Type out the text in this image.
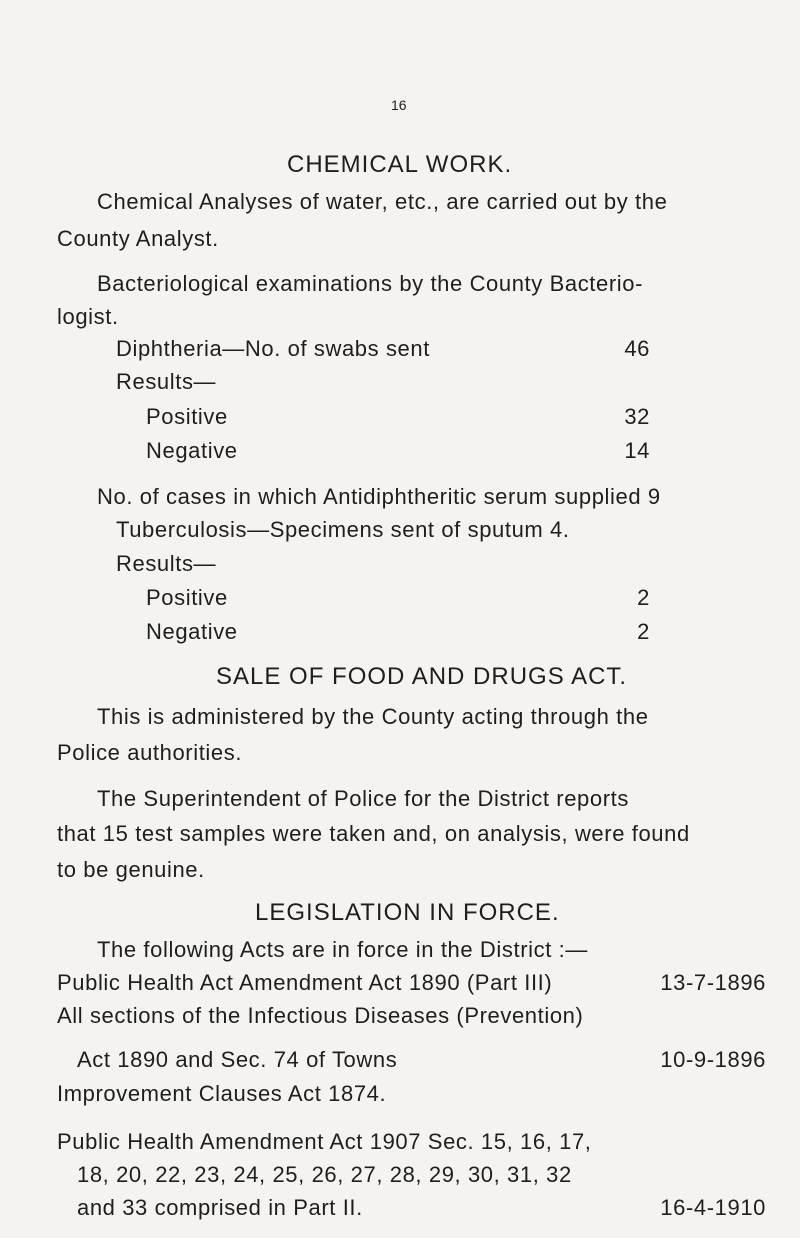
16
CHEMICAL WORK.
Chemical Analyses of water, etc., are carried out by the
County Analyst.
Bacteriological examinations by the County Bacterio-
logist.
Diphtheria—No. of swabs sent	46
Results—
Positive	32
Negative	14
No. of cases in which Antidiphtheritic serum supplied 9
Tuberculosis—Specimens sent of sputum 4.
Results—
Positive	2
Negative	2
SALE OF FOOD AND DRUGS ACT.
This is administered by the County acting through the
Police authorities.
The Superintendent of Police for the District reports
that 15 test samples were taken and, on analysis, were found
to be genuine.
LEGISLATION IN FORCE.
The following Acts are in force in the District :—
Public Health Act Amendment Act 1890 (Part III)	13-7-1896
All sections of the Infectious Diseases (Prevention)
Act 1890 and Sec. 74 of Towns	10-9-1896
Improvement Clauses Act 1874.
Public Health Amendment Act 1907 Sec. 15, 16, 17,
18, 20, 22, 23, 24, 25, 26, 27, 28, 29, 30, 31, 32
and 33 comprised in Part II.	16-4-1910
